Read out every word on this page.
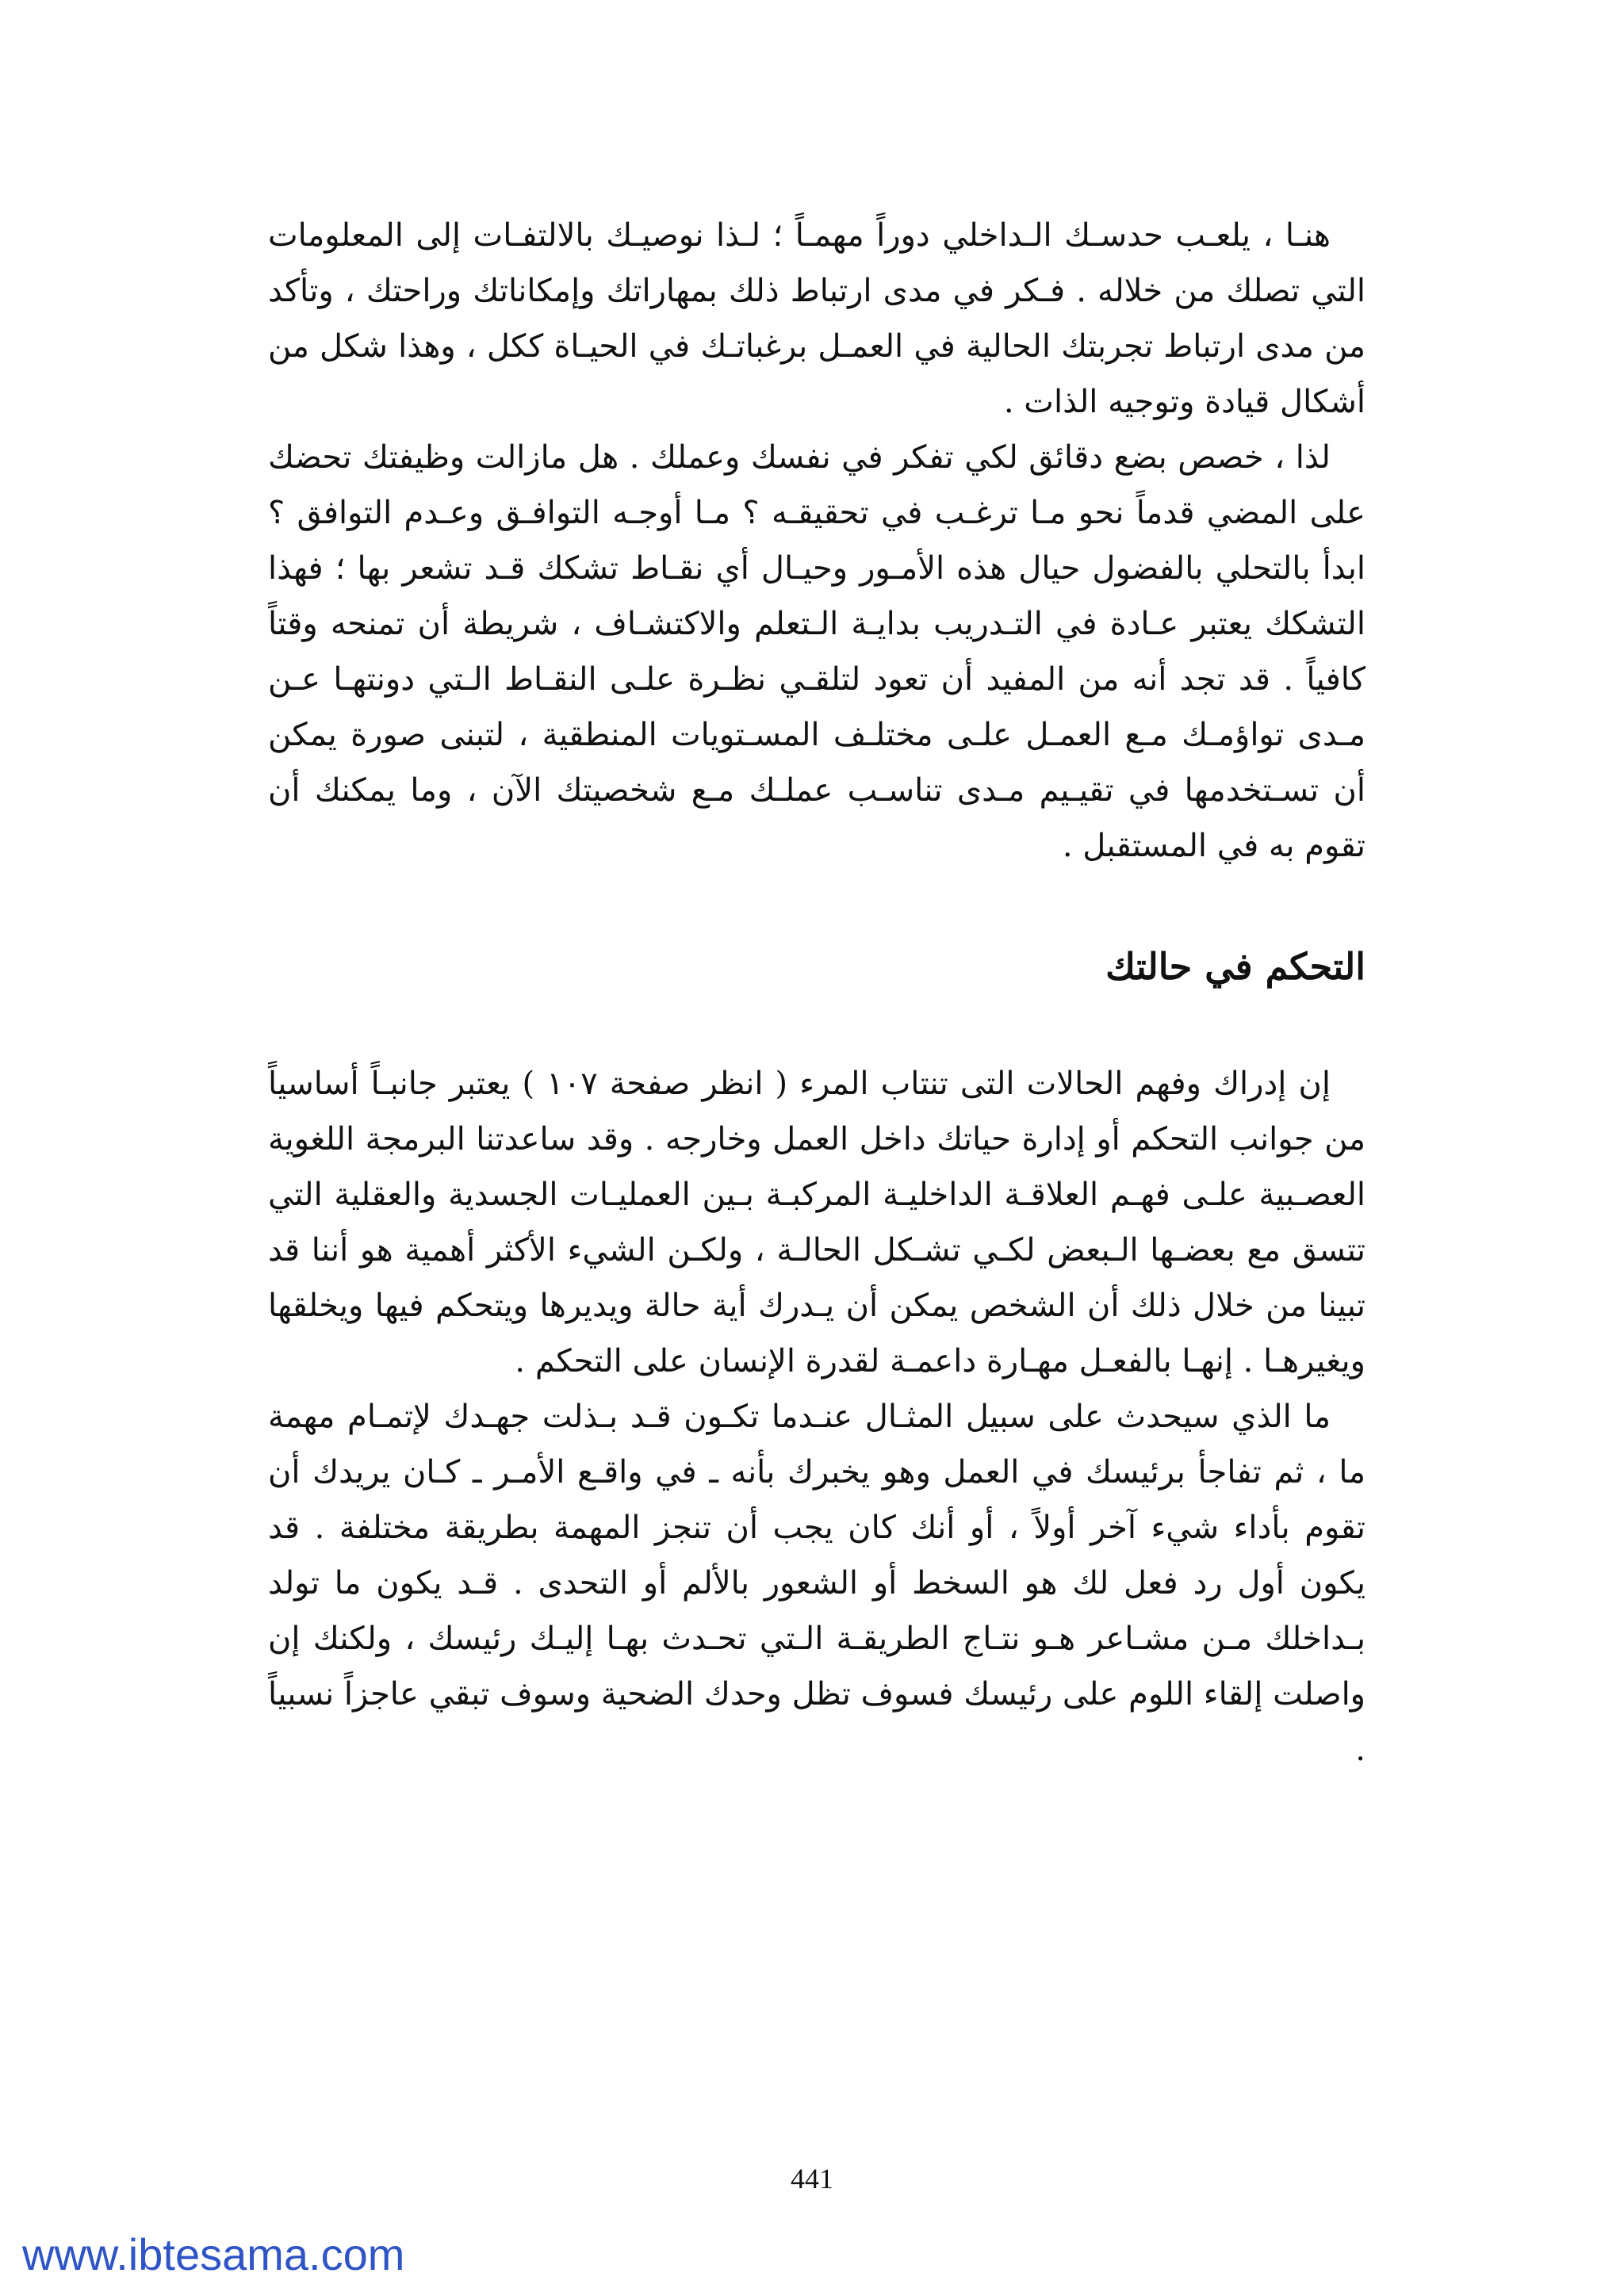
هنـا ، يلعـب حدسـك الـداخلي دوراً مهمـاً ؛ لـذا نوصيـك بالالتفـات إلى المعلومات التي تصلك من خلاله . فـكر في مدى ارتباط ذلك بمهاراتك وإمكاناتك وراحتك ، وتأكد من مدى ارتباط تجربتك الحالية في العمـل برغباتـك في الحيـاة ككل ، وهذا شكل من أشكال قيادة وتوجيه الذات .

لذا ، خصص بضع دقائق لكي تفكر في نفسك وعملك . هل مازالت وظيفتك تحضك على المضي قدماً نحو مـا ترغـب في تحقيقـه ؟ مـا أوجـه التوافـق وعـدم التوافق ؟ ابدأ بالتحلي بالفضول حيال هذه الأمـور وحيـال أي نقـاط تشكك قـد تشعر بها ؛ فهذا التشكك يعتبر عـادة في التـدريب بدايـة الـتعلم والاكتشـاف ، شريطة أن تمنحه وقتاً كافياً . قد تجد أنه من المفيد أن تعود لتلقـي نظـرة علـى النقـاط الـتي دونتهـا عـن مـدى تواؤمـك مـع العمـل علـى مختلـف المسـتويات المنطقية ، لتبنى صورة يمكن أن تسـتخدمها في تقيـيم مـدى تناسـب عملـك مـع شخصيتك الآن ، وما يمكنك أن تقوم به في المستقبل .

التحكم في حالتك

إن إدراك وفهم الحالات التى تنتاب المرء ( انظر صفحة ١٠٧ ) يعتبر جانبـاً أساسياً من جوانب التحكم أو إدارة حياتك داخل العمل وخارجه . وقد ساعدتنا البرمجة اللغوية العصـبية علـى فهـم العلاقـة الداخليـة المركبـة بـين العمليـات الجسدية والعقلية التي تتسق مع بعضـها الـبعض لكـي تشـكل الحالـة ، ولكـن الشيء الأكثر أهمية هو أننا قد تبينا من خلال ذلك أن الشخص يمكن أن يـدرك أية حالة ويديرها ويتحكم فيها ويخلقها ويغيرهـا . إنهـا بالفعـل مهـارة داعمـة لقدرة الإنسان على التحكم .

ما الذي سيحدث على سبيل المثـال عنـدما تكـون قـد بـذلت جهـدك لإتمـام مهمة ما ، ثم تفاجأ برئيسك في العمل وهو يخبرك بأنه ـ في واقـع الأمـر ـ كـان يريدك أن تقوم بأداء شيء آخر أولاً ، أو أنك كان يجب أن تنجز المهمة بطريقة مختلفة . قد يكون أول رد فعل لك هو السخط أو الشعور بالألم أو التحدى . قـد يكون ما تولد بـداخلك مـن مشـاعر هـو نتـاج الطريقـة الـتي تحـدث بهـا إليـك رئيسك ، ولكنك إن واصلت إلقاء اللوم على رئيسك فسوف تظل وحدك الضحية وسوف تبقي عاجزاً نسبياً .

441
www.ibtesama.com
